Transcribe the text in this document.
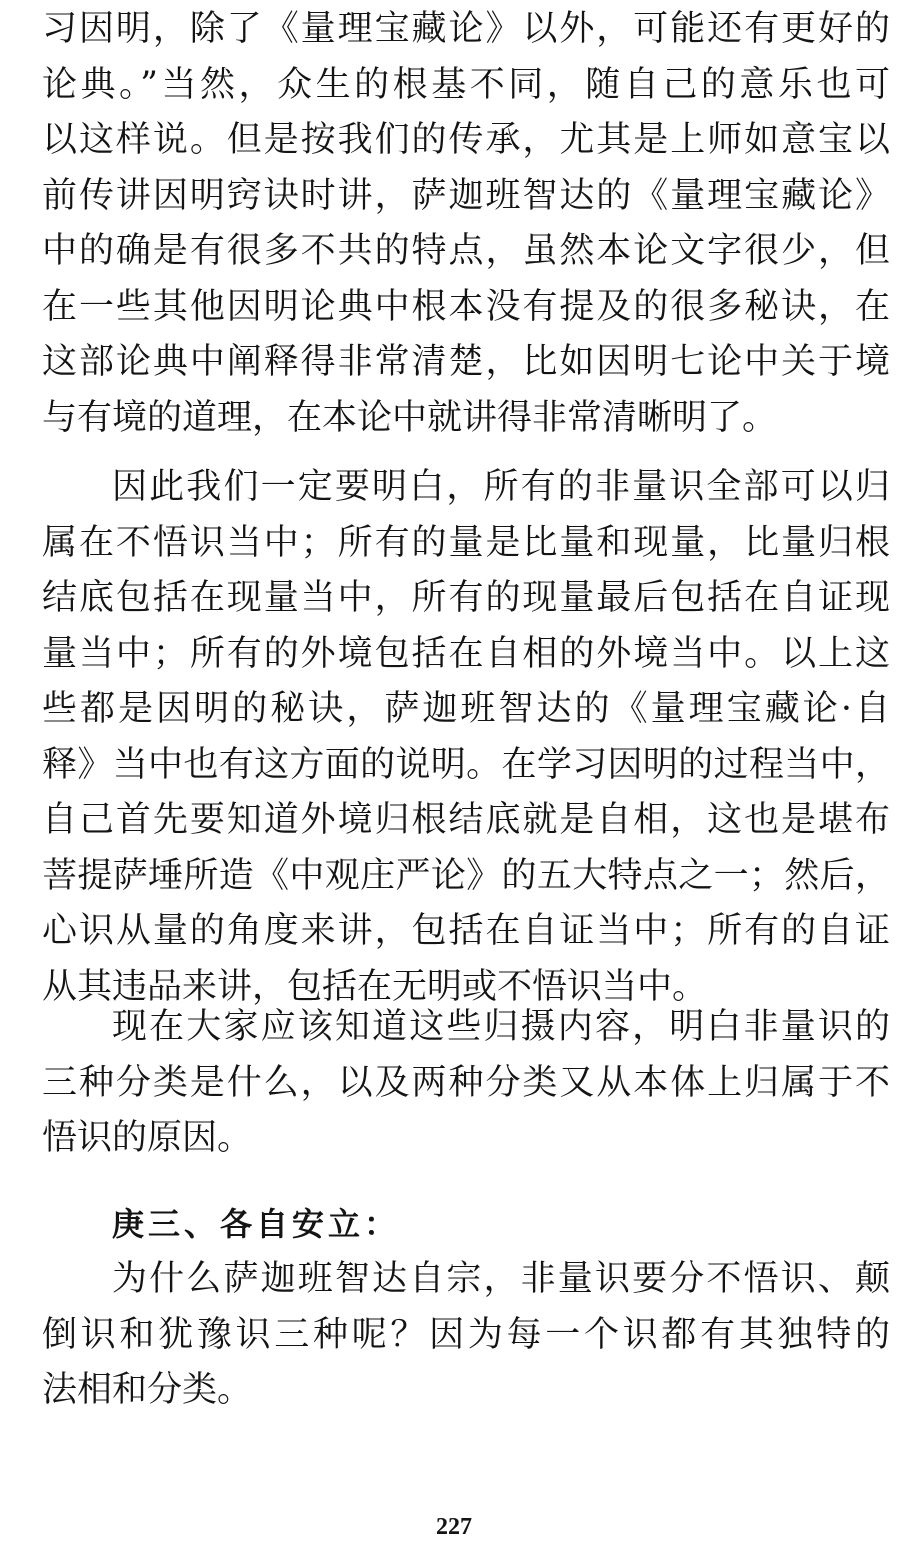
习因明，除了《量理宝藏论》以外，可能还有更好的
论典。”当然，众生的根基不同，随自己的意乐也可
以这样说。但是按我们的传承，尤其是上师如意宝以
前传讲因明窍诀时讲，萨迦班智达的《量理宝藏论》
中的确是有很多不共的特点，虽然本论文字很少，但
在一些其他因明论典中根本没有提及的很多秘诀，在
这部论典中阐释得非常清楚，比如因明七论中关于境
与有境的道理，在本论中就讲得非常清晰明了。
因此我们一定要明白，所有的非量识全部可以归
属在不悟识当中；所有的量是比量和现量，比量归根
结底包括在现量当中，所有的现量最后包括在自证现
量当中；所有的外境包括在自相的外境当中。以上这
些都是因明的秘诀，萨迦班智达的《量理宝藏论·自
释》当中也有这方面的说明。在学习因明的过程当中，
自己首先要知道外境归根结底就是自相，这也是堪布
菩提萨埵所造《中观庄严论》的五大特点之一；然后，
心识从量的角度来讲，包括在自证当中；所有的自证
从其违品来讲，包括在无明或不悟识当中。
现在大家应该知道这些归摄内容，明白非量识的
三种分类是什么，以及两种分类又从本体上归属于不
悟识的原因。
庚三、各自安立：
为什么萨迦班智达自宗，非量识要分不悟识、颠
倒识和犹豫识三种呢？因为每一个识都有其独特的
法相和分类。
227
